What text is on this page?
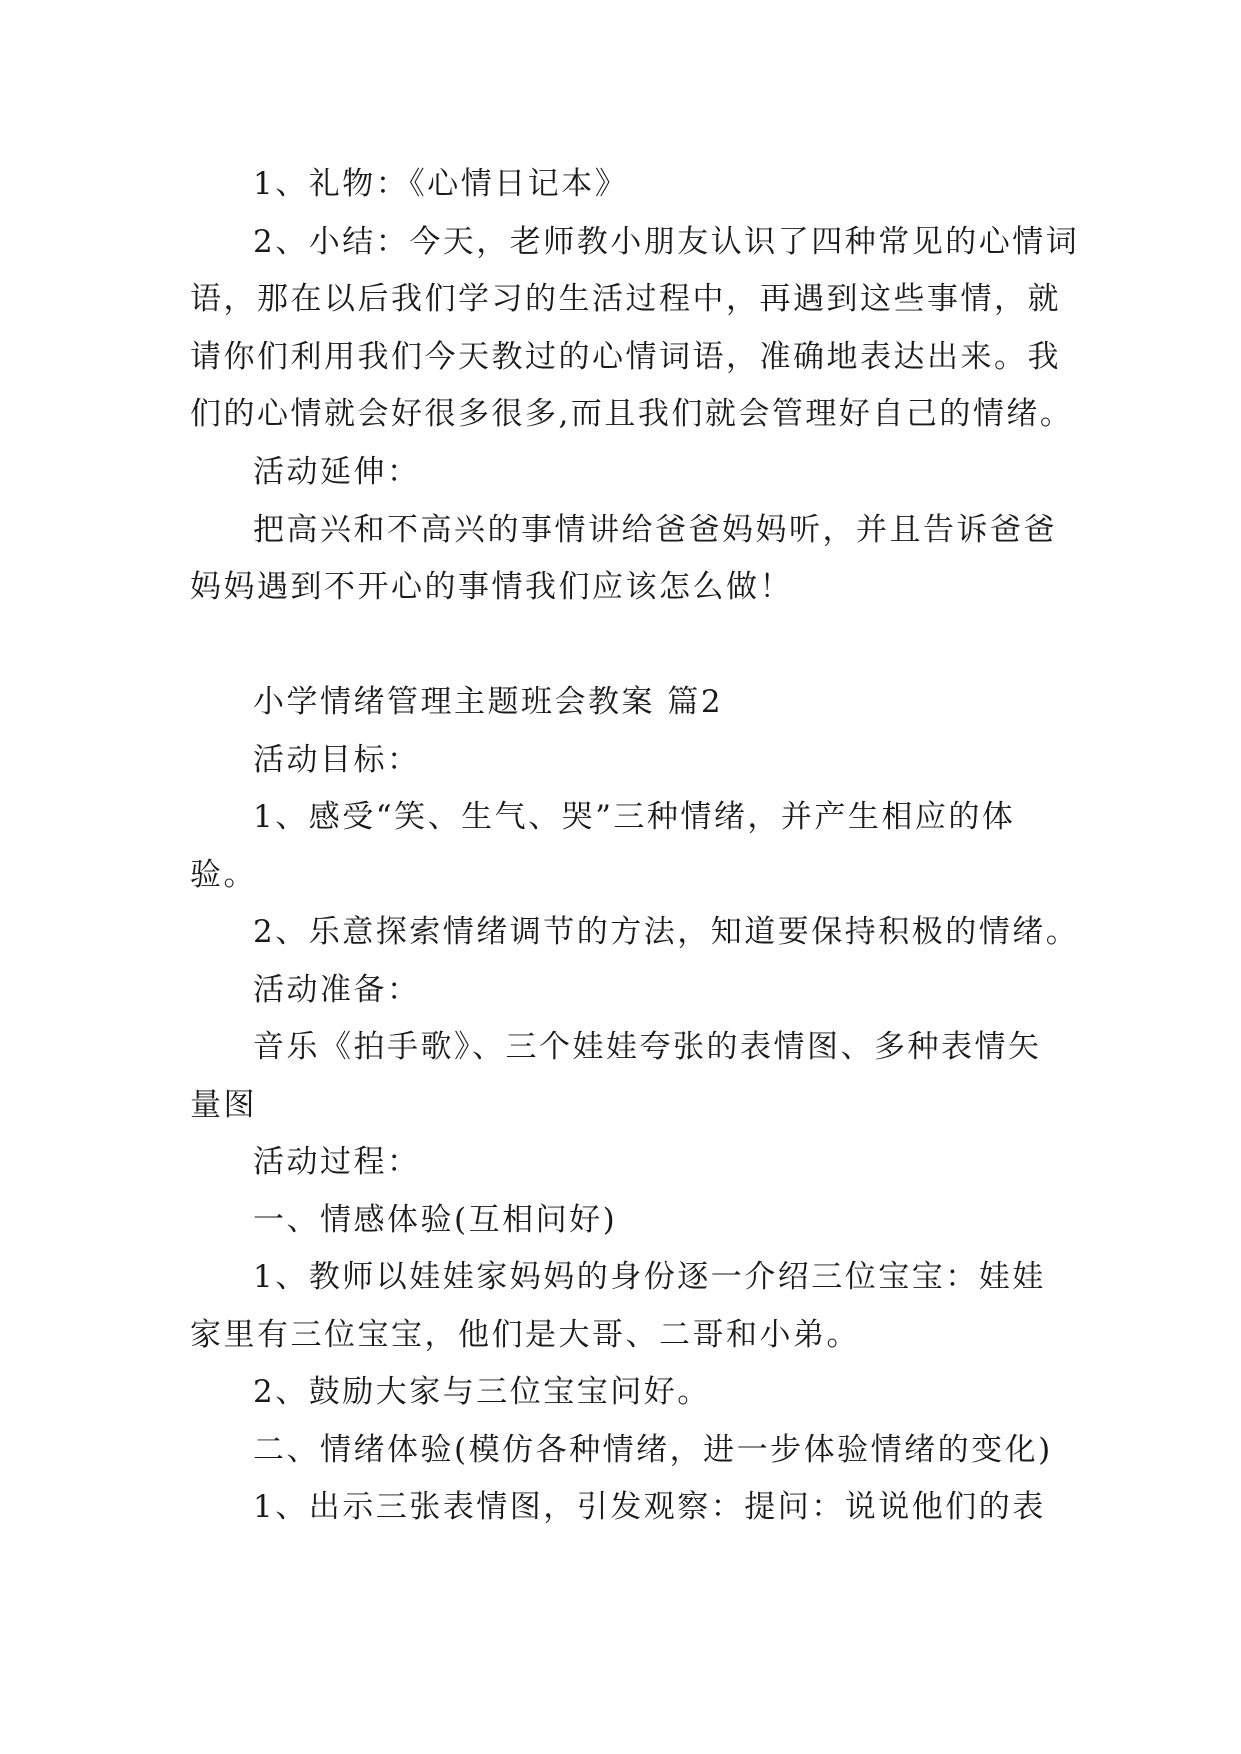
1、礼物：《心情日记本》
2、小结：今天，老师教小朋友认识了四种常见的心情词
语，那在以后我们学习的生活过程中，再遇到这些事情，就
请你们利用我们今天教过的心情词语，准确地表达出来。我
们的心情就会好很多很多,而且我们就会管理好自己的情绪。
活动延伸：
把高兴和不高兴的事情讲给爸爸妈妈听，并且告诉爸爸
妈妈遇到不开心的事情我们应该怎么做！
小学情绪管理主题班会教案 篇2
活动目标：
1、感受“笑、生气、哭”三种情绪，并产生相应的体
验。
2、乐意探索情绪调节的方法，知道要保持积极的情绪。
活动准备：
音乐《拍手歌》、三个娃娃夸张的表情图、多种表情矢
量图
活动过程：
一、情感体验(互相问好)
1、教师以娃娃家妈妈的身份逐一介绍三位宝宝：娃娃
家里有三位宝宝，他们是大哥、二哥和小弟。
2、鼓励大家与三位宝宝问好。
二、情绪体验(模仿各种情绪，进一步体验情绪的变化)
1、出示三张表情图，引发观察：提问：说说他们的表
